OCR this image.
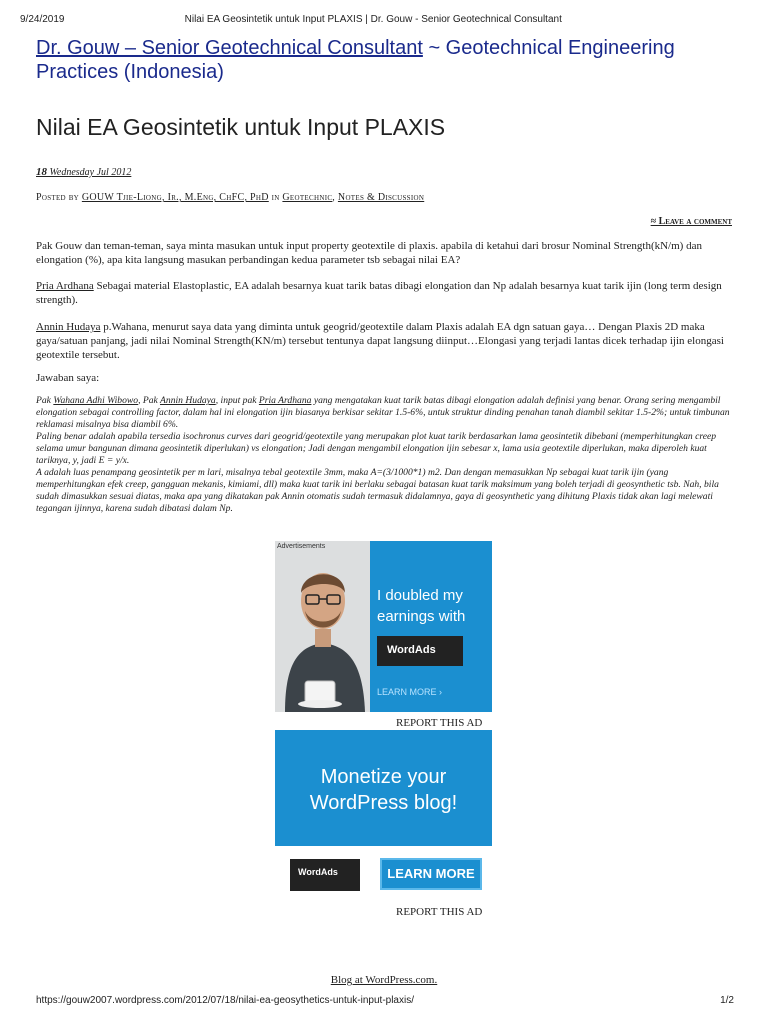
9/24/2019	Nilai EA Geosintetik untuk Input PLAXIS | Dr. Gouw - Senior Geotechnical Consultant
Dr. Gouw – Senior Geotechnical Consultant ~ Geotechnical Engineering Practices (Indonesia)
Nilai EA Geosintetik untuk Input PLAXIS
18 Wednesday Jul 2012
Posted by GOUW Tjie-Liong, Ir., M.Eng, ChFC, PhD in Geotechnic, Notes & Discussion
≈ Leave a comment
Pak Gouw dan teman-teman, saya minta masukan untuk input property geotextile di plaxis. apabila di ketahui dari brosur Nominal Strength(kN/m) dan elongation (%), apa kita langsung masukan perbandingan kedua parameter tsb sebagai nilai EA?
Pria Ardhana Sebagai material Elastoplastic, EA adalah besarnya kuat tarik batas dibagi elongation dan Np adalah besarnya kuat tarik ijin (long term design strength).
Annin Hudaya p.Wahana, menurut saya data yang diminta untuk geogrid/geotextile dalam Plaxis adalah EA dgn satuan gaya… Dengan Plaxis 2D maka gaya/satuan panjang, jadi nilai Nominal Strength(KN/m) tersebut tentunya dapat langsung diinput…Elongasi yang terjadi lantas dicek terhadap ijin elongasi geotextile tersebut.
Jawaban saya:
Pak Wahana Adhi Wibowo, Pak Annin Hudaya, input pak Pria Ardhana yang mengatakan kuat tarik batas dibagi elongation adalah definisi yang benar. Orang sering mengambil elongation sebagai controlling factor, dalam hal ini elongation ijin biasanya berkisar sekitar 1.5-6%, untuk struktur dinding penahan tanah diambil sekitar 1.5-2%; untuk timbunan reklamasi misalnya bisa diambil 6%.
Paling benar adalah apabila tersedia isochronus curves dari geogrid/geotextile yang merupakan plot kuat tarik berdasarkan lama geosintetik dibebani (memperhitungkan creep selama umur bangunan dimana geosintetik diperlukan) vs elongation; Jadi dengan mengambil elongation ijin sebesar x, lama usia geotextile diperlukan, maka diperoleh kuat tariknya, y, jadi E = y/x.
A adalah luas penampang geosintetik per m lari, misalnya tebal geotextile 3mm, maka A=(3/1000*1) m2. Dan dengan memasukkan Np sebagai kuat tarik ijin (yang memperhitungkan efek creep, gangguan mekanis, kimiami, dll) maka kuat tarik ini berlaku sebagai batasan kuat tarik maksimum yang boleh terjadi di geosynthetic tsb. Nah, bila sudah dimasukkan sesuai diatas, maka apa yang dikatakan pak Annin otomatis sudah termasuk didalamnya, gaya di geosynthetic yang dihitung Plaxis tidak akan lagi melewati tegangan ijinnya, karena sudah dibatasi dalam Np.
Advertisements
I doubled my earnings with
WordAds
LEARN MORE ›
REPORT THIS AD
Monetize your WordPress blog!
WordAds	LEARN MORE
REPORT THIS AD
Blog at WordPress.com.
https://gouw2007.wordpress.com/2012/07/18/nilai-ea-geosythetics-untuk-input-plaxis/	1/2
